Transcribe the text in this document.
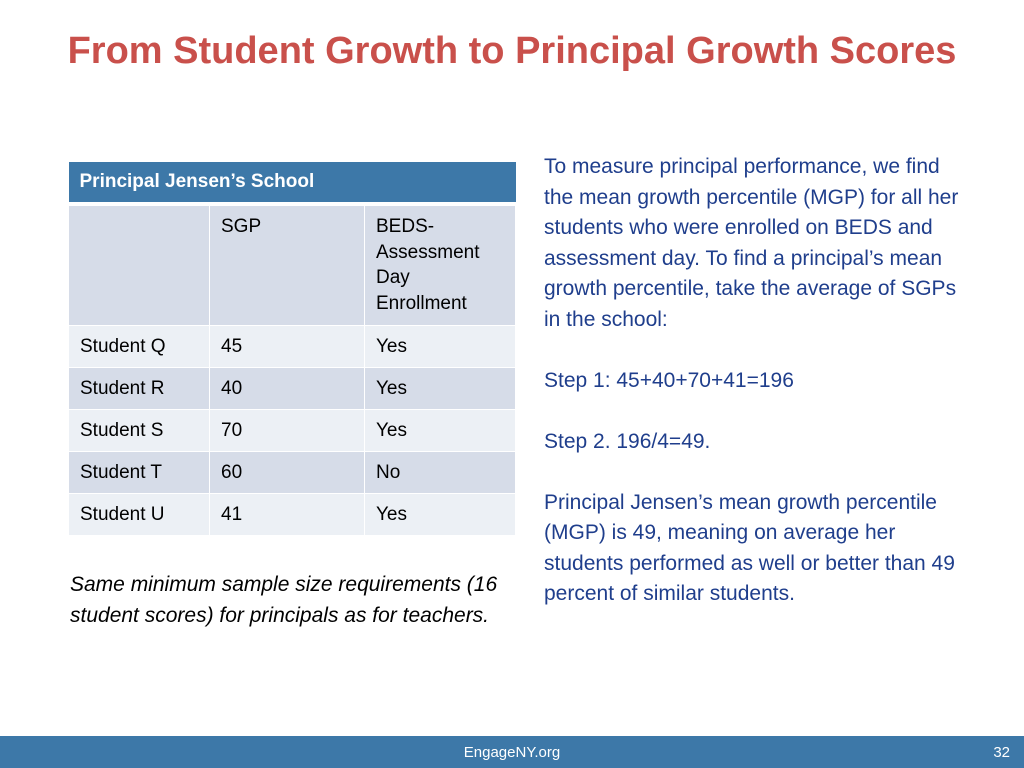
From Student Growth to Principal Growth Scores
Principal Jensen’s School		
	SGP	BEDS-Assessment Day Enrollment
Student Q	45	Yes
Student R	40	Yes
Student S	70	Yes
Student T	60	No
Student U	41	Yes
Same minimum sample size requirements (16 student scores) for principals as for teachers.

To measure principal performance, we find the mean growth percentile (MGP) for all her students who were enrolled on BEDS and assessment day. To find a principal’s mean growth percentile, take the average of SGPs in the school:

Step 1: 45+40+70+41=196

Step 2. 196/4=49.

Principal Jensen’s mean growth percentile (MGP) is 49, meaning on average her students performed as well or better than 49 percent of similar students.

EngageNY.org	32
